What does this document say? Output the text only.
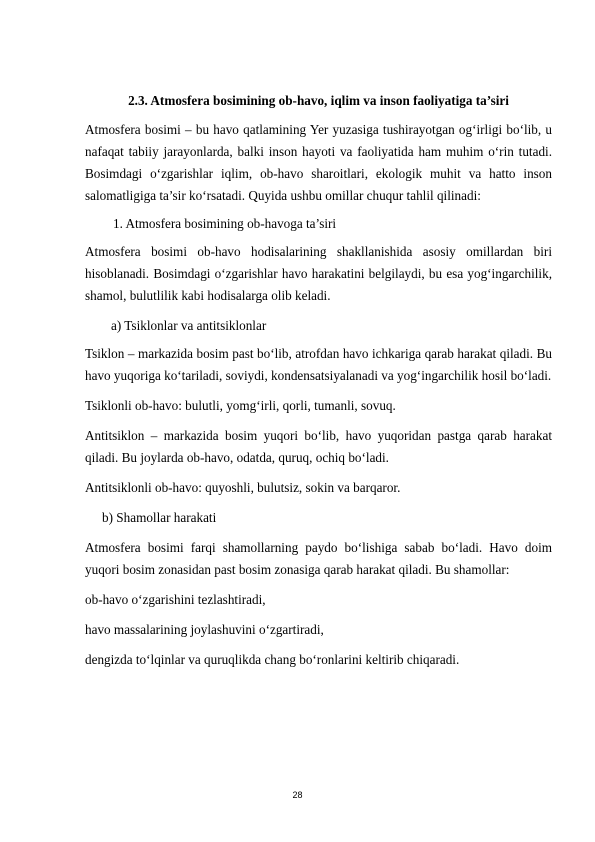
2.3. Atmosfera bosimining ob-havo, iqlim va inson faoliyatiga ta’siri

Atmosfera bosimi – bu havo qatlamining Yer yuzasiga tushirayotgan og‘irligi bo‘lib, u nafaqat tabiiy jarayonlarda, balki inson hayoti va faoliyatida ham muhim o‘rin tutadi. Bosimdagi o‘zgarishlar iqlim, ob-havo sharoitlari, ekologik muhit va hatto inson salomatligiga ta’sir ko‘rsatadi. Quyida ushbu omillar chuqur tahlil qilinadi:

1. Atmosfera bosimining ob-havoga ta’siri

Atmosfera bosimi ob-havo hodisalarining shakllanishida asosiy omillardan biri hisoblanadi. Bosimdagi o‘zgarishlar havo harakatini belgilaydi, bu esa yog‘ingarchilik, shamol, bulutlilik kabi hodisalarga olib keladi.

a) Tsiklonlar va antitsiklonlar

Tsiklon – markazida bosim past bo‘lib, atrofdan havo ichkariga qarab harakat qiladi. Bu havo yuqoriga ko‘tariladi, soviydi, kondensatsiyalanadi va yog‘ingarchilik hosil bo‘ladi.

Tsiklonli ob-havo: bulutli, yomg‘irli, qorli, tumanli, sovuq.

Antitsiklon – markazida bosim yuqori bo‘lib, havo yuqoridan pastga qarab harakat qiladi. Bu joylarda ob-havo, odatda, quruq, ochiq bo‘ladi.

Antitsiklonli ob-havo: quyoshli, bulutsiz, sokin va barqaror.

b) Shamollar harakati

Atmosfera bosimi farqi shamollarning paydo bo‘lishiga sabab bo‘ladi. Havo doim yuqori bosim zonasidan past bosim zonasiga qarab harakat qiladi. Bu shamollar:

ob-havo o‘zgarishini tezlashtiradi,

havo massalarining joylashuvini o‘zgartiradi,

dengizda to‘lqinlar va quruqlikda chang bo‘ronlarini keltirib chiqaradi.

28
